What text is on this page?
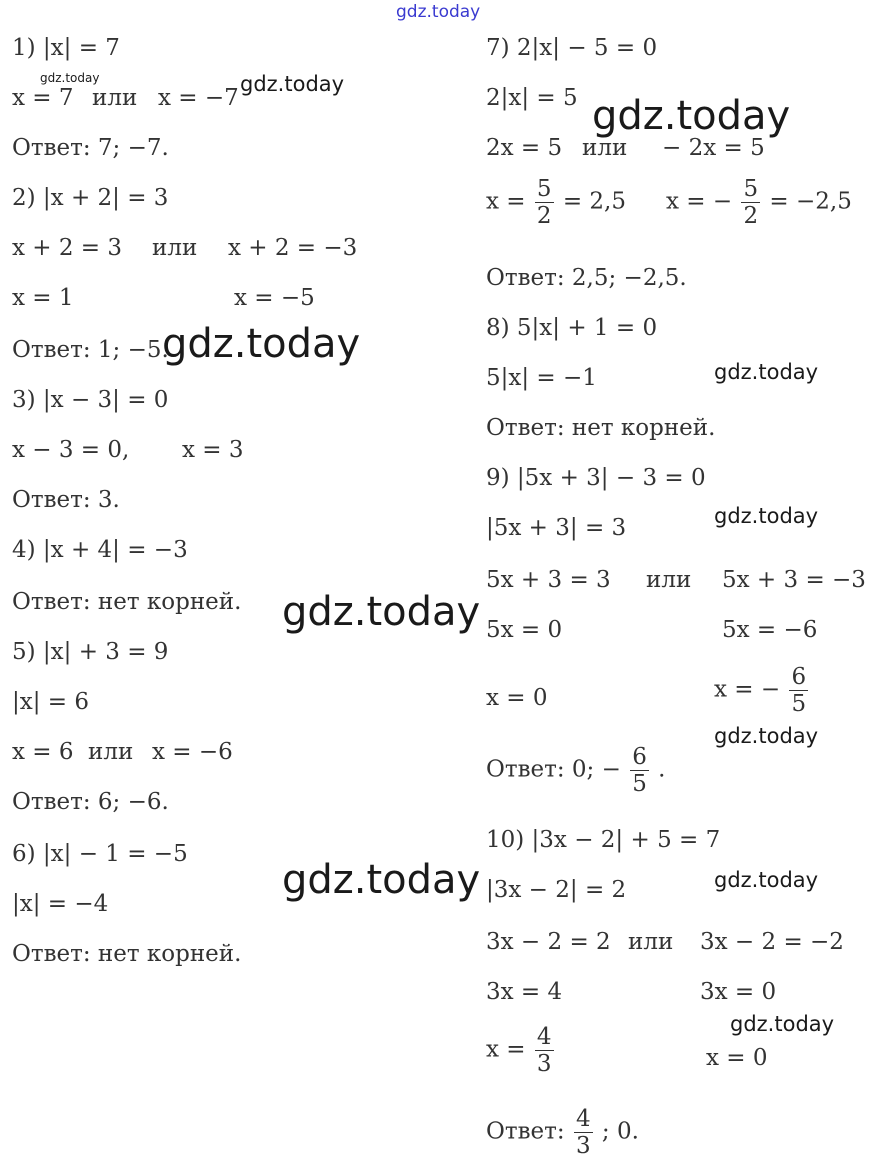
gdz.today
gdz.today	gdz.today
gdz.today
gdz.today
gdz.today
gdz.today
gdz.today
gdz.today
gdz.today	gdz.today
gdz.today
1) |x| = 7
x = 7 или x = −7
Ответ: 7; −7.
2) |x + 2| = 3
x + 2 = 3 или x + 2 = −3
x = 1	x = −5
Ответ: 1; −5.
3) |x − 3| = 0
x − 3 = 0, x = 3
Ответ: 3.
4) |x + 4| = −3
Ответ: нет корней.
5) |x| + 3 = 9
|x| = 6
x = 6 или x = −6
Ответ: 6; −6.
6) |x| − 1 = −5
|x| = −4
Ответ: нет корней.
7) 2|x| − 5 = 0
2|x| = 5
2x = 5 или − 2x = 5
$x = \frac{5}{2} = 2,5$ x = − $\frac{5}{2} = -2,5$
Ответ: 2,5; −2,5.
8) 5|x| + 1 = 0
5|x| = −1
Ответ: нет корней.
9) |5x + 3| − 3 = 0
|5x + 3| = 3
5x + 3 = 3 или 5x + 3 = −3
5x = 0	5x = −6
x = 0	x = − $\frac{6}{5}$
Ответ: 0; − $\frac{6}{5}$ .
10) |3x − 2| + 5 = 7
|3x − 2| = 2
3x − 2 = 2 или 3x − 2 = −2
3x = 4	3x = 0
$x = \frac{4}{3}$	x = 0
Ответ: $\frac{4}{3}$ ; 0.
